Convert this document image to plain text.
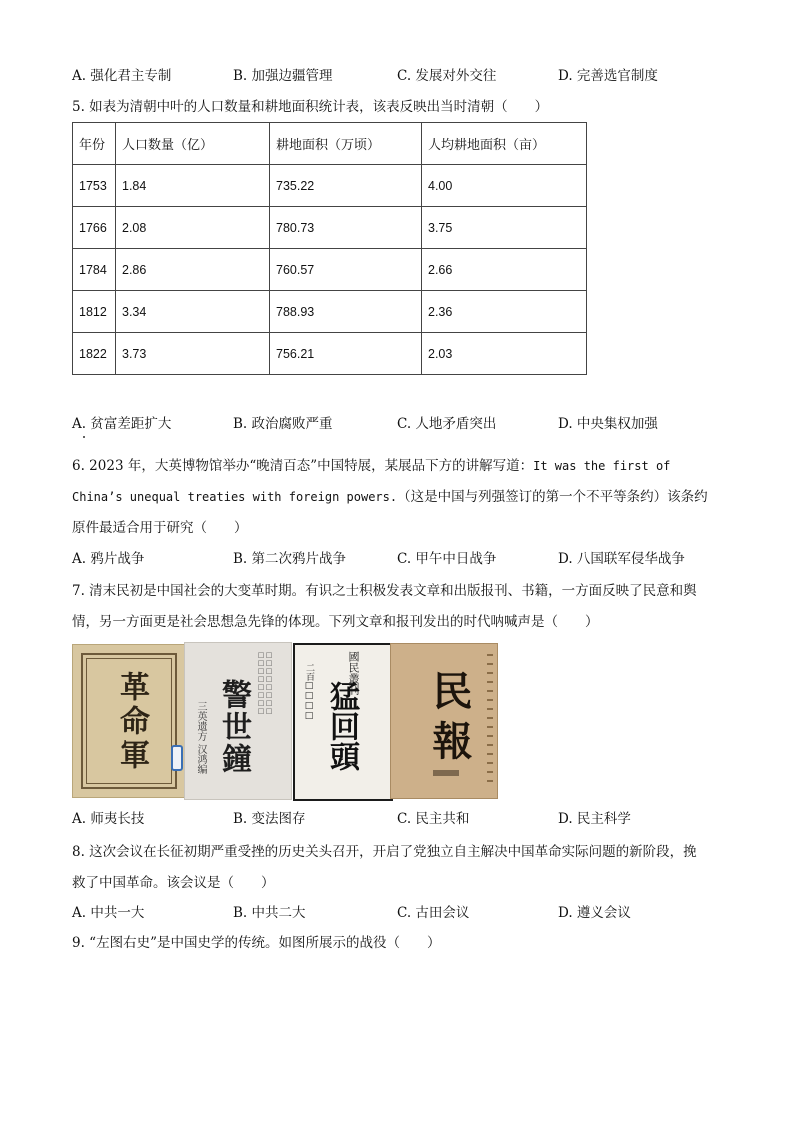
A. 强化君主专制	B. 加强边疆管理	C. 发展对外交往	D. 完善选官制度
5. 如表为清朝中叶的人口数量和耕地面积统计表，该表反映出当时清朝（　　）
年份	人口数量（亿）	耕地面积（万顷）	人均耕地面积（亩）
1753	1.84	735.22	4.00
1766	2.08	780.73	3.75
1784	2.86	760.57	2.66
1812	3.34	788.93	2.36
1822	3.73	756.21	2.03
A. 贫富差距扩大	B. 政治腐败严重	C. 人地矛盾突出	D. 中央集权加强
6. 2023 年，大英博物馆举办“晚清百态”中国特展，某展品下方的讲解写道：It was the first of
China’s unequal treaties with foreign powers.（这是中国与列强签订的第一个不平等条约）该条约
原件最适合用于研究（　　）
A. 鸦片战争	B. 第二次鸦片战争	C. 甲午中日战争	D. 八国联军侵华战争
7. 清末民初是中国社会的大变革时期。有识之士积极发表文章和出版报刊、书籍，一方面反映了民意和舆
情，另一方面更是社会思想急先锋的体现。下列文章和报刊发出的时代呐喊声是（　　）
革命軍	□□□□□□□□ □□□□□□□□
警世鐘
三英遗方 汉鸿编
國民叢刊
二百□□□□ 猛回頭 民報
A. 师夷长技	B. 变法图存	C. 民主共和	D. 民主科学
8. 这次会议在长征初期严重受挫的历史关头召开，开启了党独立自主解决中国革命实际问题的新阶段，挽
救了中国革命。该会议是（　　）
A. 中共一大	B. 中共二大	C. 古田会议	D. 遵义会议
9. “左图右史”是中国史学的传统。如图所展示的战役（　　）
